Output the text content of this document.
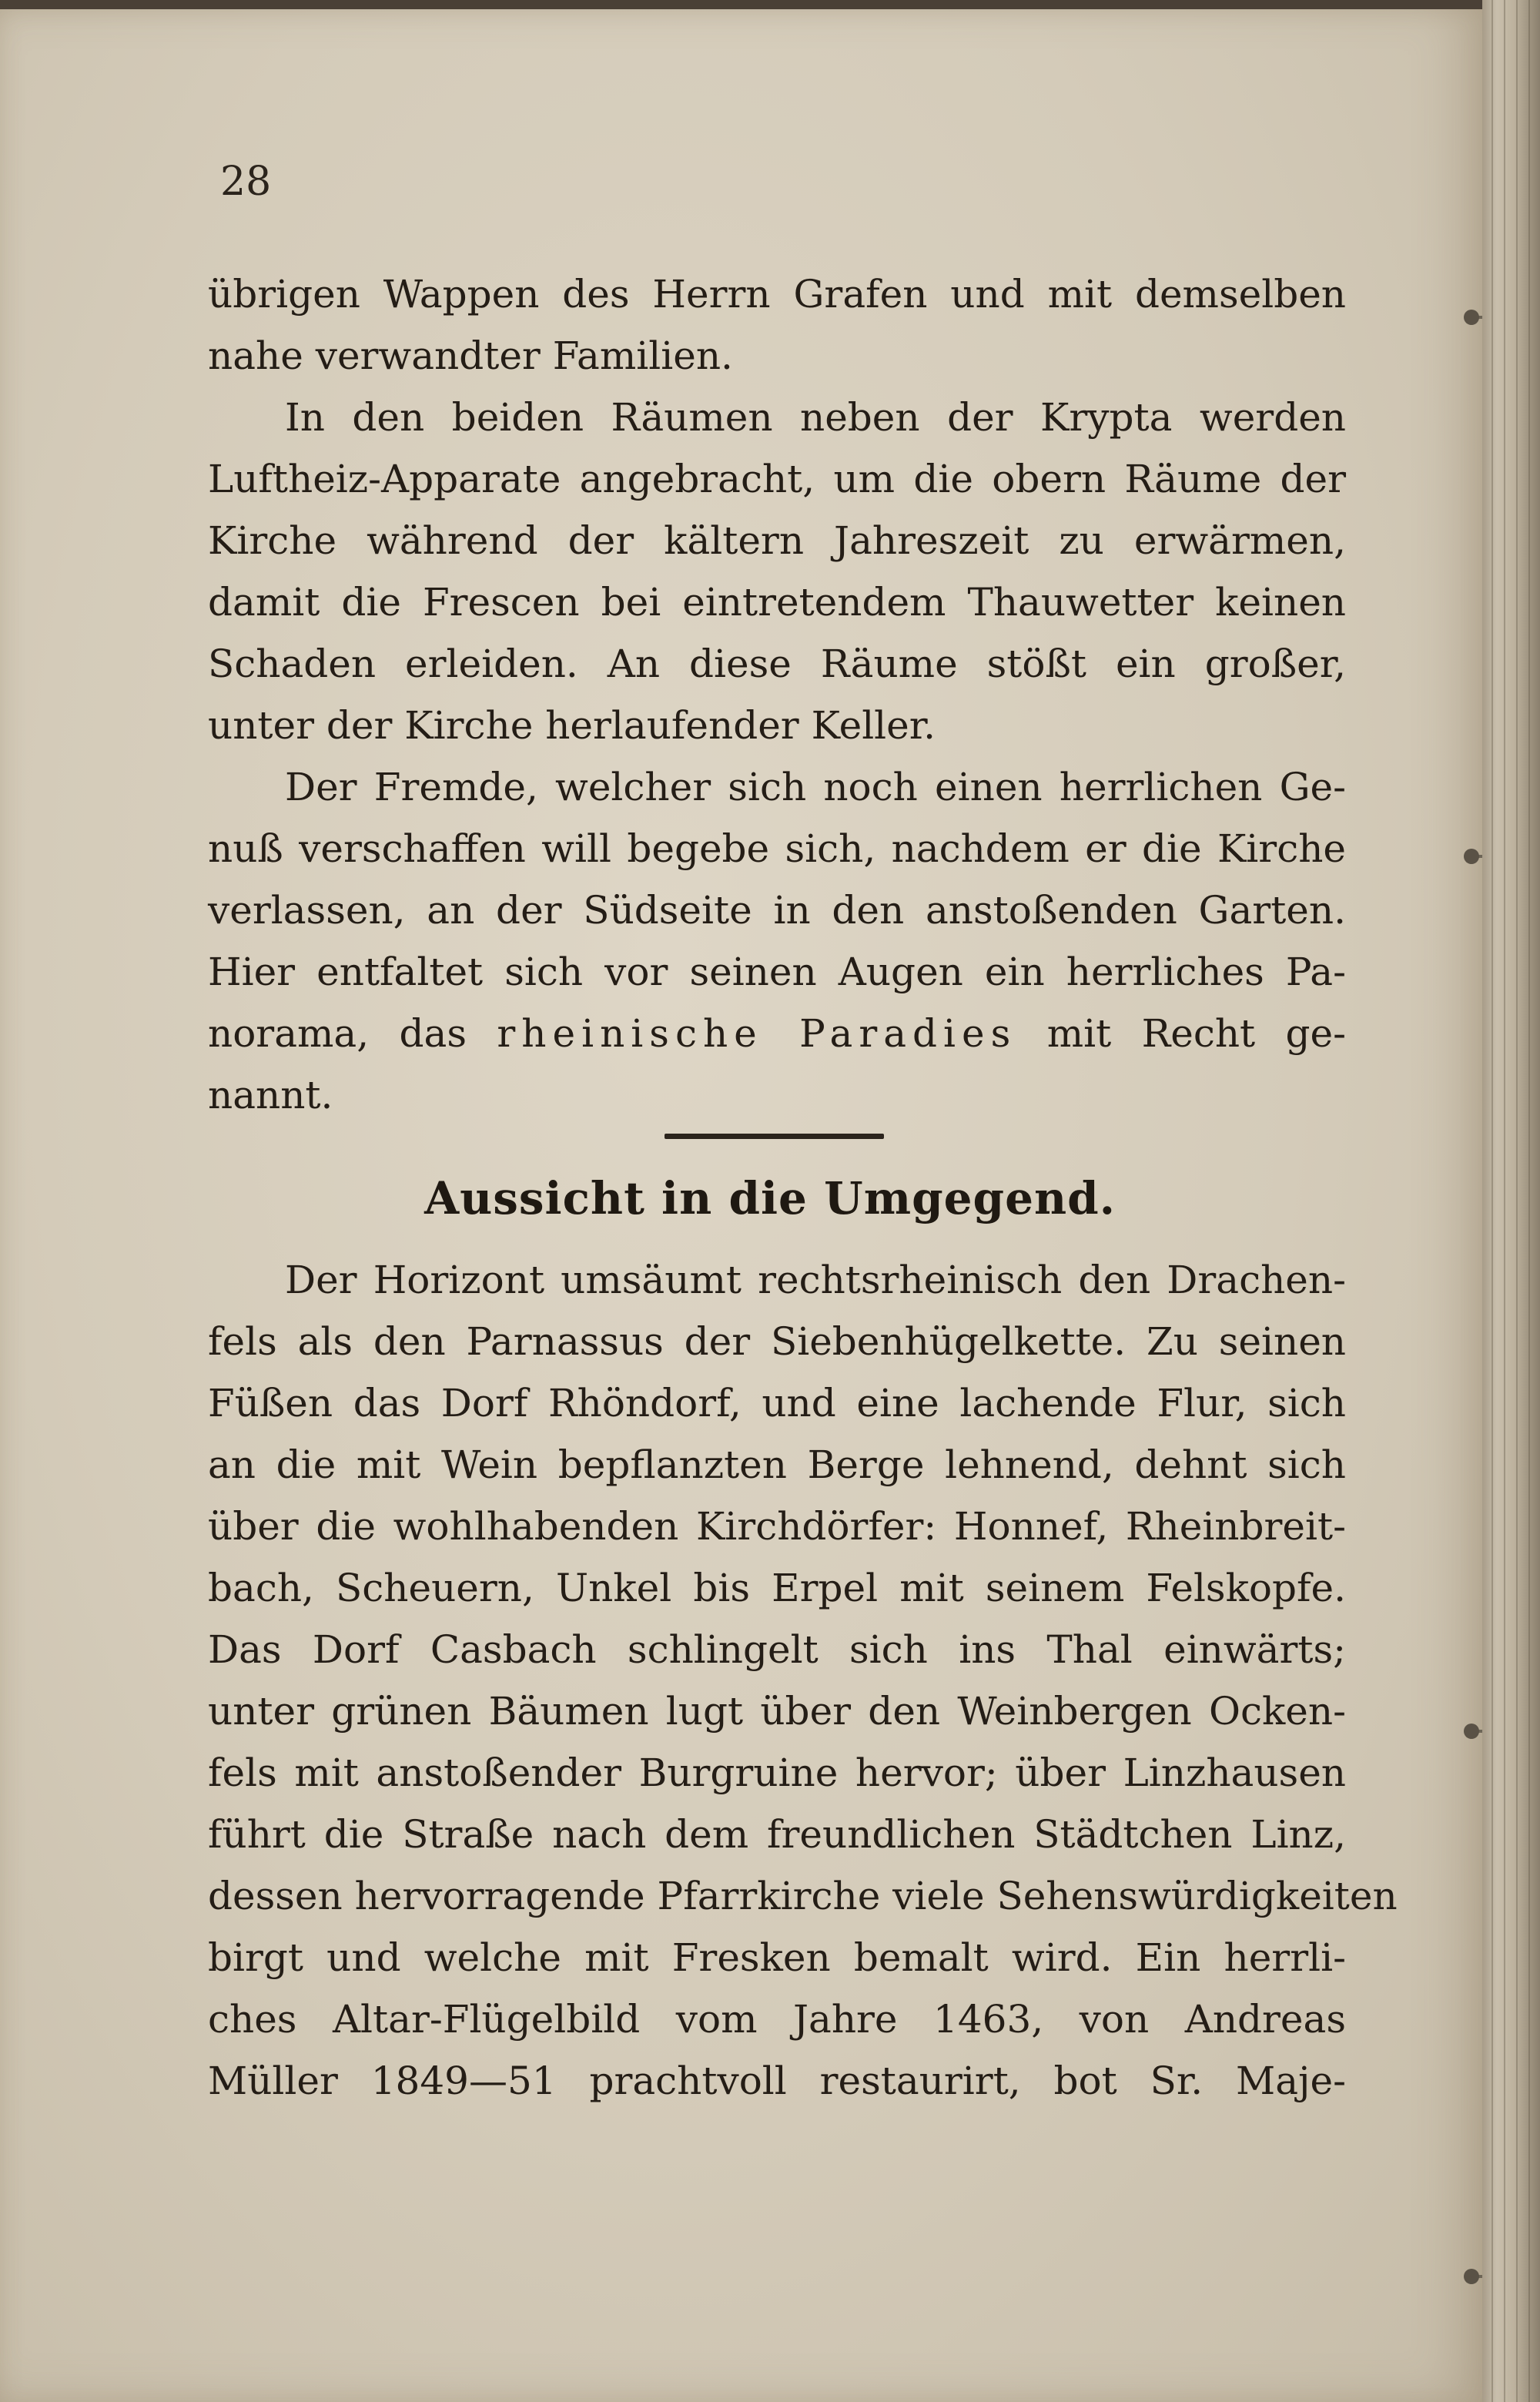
28
übrigen Wappen des Herrn Grafen und mit demselben
nahe verwandter Familien.
In den beiden Räumen neben der Krypta werden
Luftheiz-Apparate angebracht, um die obern Räume der
Kirche während der kältern Jahreszeit zu erwärmen,
damit die Frescen bei eintretendem Thauwetter keinen
Schaden erleiden. An diese Räume stößt ein großer,
unter der Kirche herlaufender Keller.
Der Fremde, welcher sich noch einen herrlichen Ge-
nuß verschaffen will begebe sich, nachdem er die Kirche
verlassen, an der Südseite in den anstoßenden Garten.
Hier entfaltet sich vor seinen Augen ein herrliches Pa-
norama, das rheinische Paradies mit Recht ge-
nannt.
Aussicht in die Umgegend.
Der Horizont umsäumt rechtsrheinisch den Drachen-
fels als den Parnassus der Siebenhügelkette. Zu seinen
Füßen das Dorf Rhöndorf, und eine lachende Flur, sich
an die mit Wein bepflanzten Berge lehnend, dehnt sich
über die wohlhabenden Kirchdörfer: Honnef, Rheinbreit-
bach, Scheuern, Unkel bis Erpel mit seinem Felskopfe.
Das Dorf Casbach schlingelt sich ins Thal einwärts;
unter grünen Bäumen lugt über den Weinbergen Ocken-
fels mit anstoßender Burgruine hervor; über Linzhausen
führt die Straße nach dem freundlichen Städtchen Linz,
dessen hervorragende Pfarrkirche viele Sehenswürdigkeiten
birgt und welche mit Fresken bemalt wird. Ein herrli-
ches Altar-Flügelbild vom Jahre 1463, von Andreas
Müller 1849—51 prachtvoll restaurirt, bot Sr. Maje-
